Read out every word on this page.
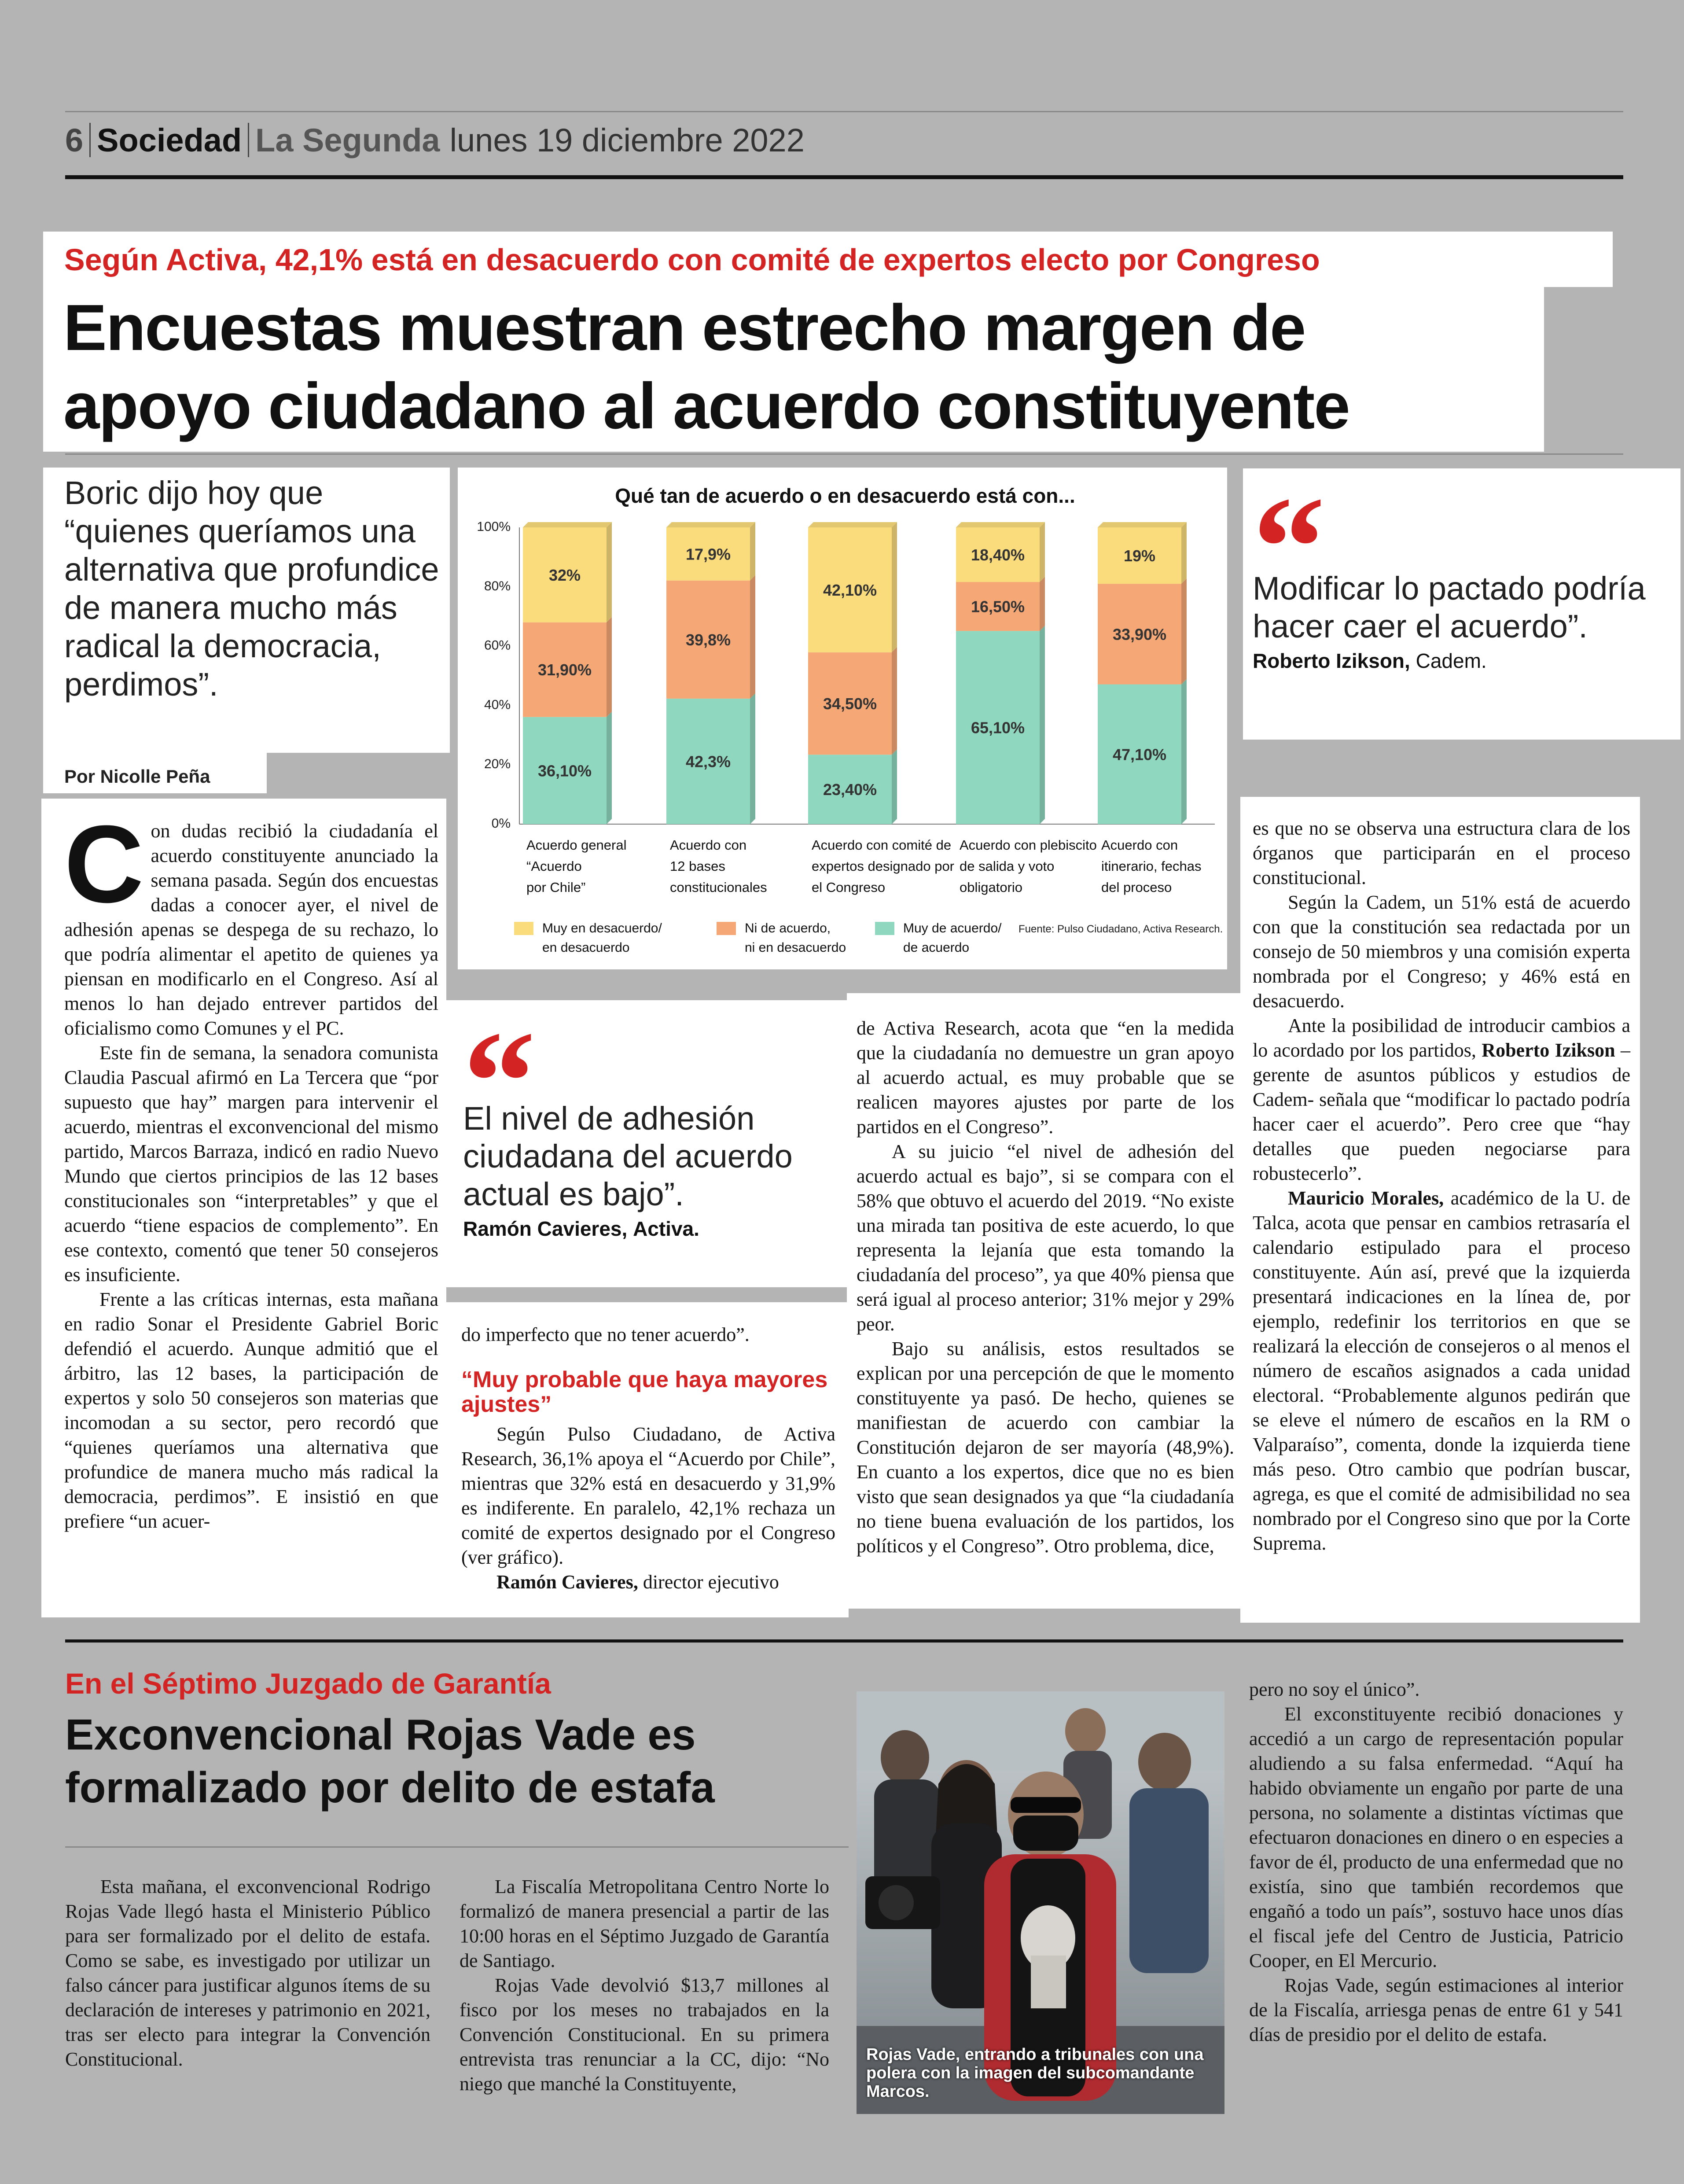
6 Sociedad La Segunda lunes 19 diciembre 2022
Según Activa, 42,1% está en desacuerdo con comité de expertos electo por Congreso
Encuestas muestran estrecho margen de
apoyo ciudadano al acuerdo constituyente
Boric dijo hoy que “quienes queríamos una alternativa que profundice de manera mucho más radical la democracia, perdimos”.
Por Nicolle Peña
Qué tan de acuerdo o en desacuerdo está con...
100%
80%
60%
40%
20%
0%
36,10%
31,90%
32%
Acuerdo general “Acuerdo por Chile”
42,3%
39,8%
17,9%
Acuerdo con 12 bases constitucionales
23,40%
34,50%
42,10%
Acuerdo con comité de expertos designado por el Congreso
65,10%
16,50%
18,40%
Acuerdo con plebiscito de salida y voto obligatorio
47,10%
33,90%
19%
Acuerdo con itinerario, fechas del proceso
Muy en desacuerdo/ en desacuerdo
Ni de acuerdo, ni en desacuerdo
Muy de acuerdo/ de acuerdo
Fuente: Pulso Ciudadano, Activa Research.
“
Modificar lo pactado podría hacer caer el acuerdo”.
Roberto Izikson, Cadem.

Con dudas recibió la ciudadanía el acuerdo constituyente anunciado la semana pasada. Según dos encuestas dadas a conocer ayer, el nivel de adhesión apenas se despega de su rechazo, lo que podría alimentar el apetito de quienes ya piensan en modificarlo en el Congreso. Así al menos lo han dejado entrever partidos del oficialismo como Comunes y el PC.

Este fin de semana, la senadora comunista Claudia Pascual afirmó en La Tercera que “por supuesto que hay” margen para intervenir el acuerdo, mientras el exconvencional del mismo partido, Marcos Barraza, indicó en radio Nuevo Mundo que ciertos principios de las 12 bases constitucionales son “interpretables” y que el acuerdo “tiene espacios de complemento”. En ese contexto, comentó que tener 50 consejeros es insuficiente.

Frente a las críticas internas, esta mañana en radio Sonar el Presidente Gabriel Boric defendió el acuerdo. Aunque admitió que el árbitro, las 12 bases, la participación de expertos y solo 50 consejeros son materias que incomodan a su sector, pero recordó que “quienes queríamos una alternativa que profundice de manera mucho más radical la democracia, perdimos”. E insistió en que prefiere “un acuer-

“
El nivel de adhesión ciudadana del acuerdo actual es bajo”.
Ramón Cavieres, Activa.

do imperfecto que no tener acuerdo”.

“Muy probable que haya mayores ajustes”

Según Pulso Ciudadano, de Activa Research, 36,1% apoya el “Acuerdo por Chile”, mientras que 32% está en desacuerdo y 31,9% es indiferente. En paralelo, 42,1% rechaza un comité de expertos designado por el Congreso (ver gráfico).

Ramón Cavieres, director ejecutivo

de Activa Research, acota que “en la medida que la ciudadanía no demuestre un gran apoyo al acuerdo actual, es muy probable que se realicen mayores ajustes por parte de los partidos en el Congreso”.

A su juicio “el nivel de adhesión del acuerdo actual es bajo”, si se compara con el 58% que obtuvo el acuerdo del 2019. “No existe una mirada tan positiva de este acuerdo, lo que representa la lejanía que esta tomando la ciudadanía del proceso”, ya que 40% piensa que será igual al proceso anterior; 31% mejor y 29% peor.

Bajo su análisis, estos resultados se explican por una percepción de que le momento constituyente ya pasó. De hecho, quienes se manifiestan de acuerdo con cambiar la Constitución dejaron de ser mayoría (48,9%). En cuanto a los expertos, dice que no es bien visto que sean designados ya que “la ciudadanía no tiene buena evaluación de los partidos, los políticos y el Congreso”. Otro problema, dice,

es que no se observa una estructura clara de los órganos que participarán en el proceso constitucional.

Según la Cadem, un 51% está de acuerdo con que la constitución sea redactada por un consejo de 50 miembros y una comisión experta nombrada por el Congreso; y 46% está en desacuerdo.

Ante la posibilidad de introducir cambios a lo acordado por los partidos, Roberto Izikson –gerente de asuntos públicos y estudios de Cadem- señala que “modificar lo pactado podría hacer caer el acuerdo”. Pero cree que “hay detalles que pueden negociarse para robustecerlo”.

Mauricio Morales, académico de la U. de Talca, acota que pensar en cambios retrasaría el calendario estipulado para el proceso constituyente. Aún así, prevé que la izquierda presentará indicaciones en la línea de, por ejemplo, redefinir los territorios en que se realizará la elección de consejeros o al menos el número de escaños asignados a cada unidad electoral. “Probablemente algunos pedirán que se eleve el número de escaños en la RM o Valparaíso”, comenta, donde la izquierda tiene más peso. Otro cambio que podrían buscar, agrega, es que el comité de admisibilidad no sea nombrado por el Congreso sino que por la Corte Suprema.

En el Séptimo Juzgado de Garantía
Exconvencional Rojas Vade es
formalizado por delito de estafa

Esta mañana, el exconvencional Rodrigo Rojas Vade llegó hasta el Ministerio Público para ser formalizado por el delito de estafa. Como se sabe, es investigado por utilizar un falso cáncer para justificar algunos ítems de su declaración de intereses y patrimonio en 2021, tras ser electo para integrar la Convención Constitucional.

La Fiscalía Metropolitana Centro Norte lo formalizó de manera presencial a partir de las 10:00 horas en el Séptimo Juzgado de Garantía de Santiago.

Rojas Vade devolvió $13,7 millones al fisco por los meses no trabajados en la Convención Constitucional. En su primera entrevista tras renunciar a la CC, dijo: “No niego que manché la Constituyente,

Rojas Vade, entrando a tribunales con una polera con la imagen del subcomandante Marcos.

pero no soy el único”.

El exconstituyente recibió donaciones y accedió a un cargo de representación popular aludiendo a su falsa enfermedad. “Aquí ha habido obviamente un engaño por parte de una persona, no solamente a distintas víctimas que efectuaron donaciones en dinero o en especies a favor de él, producto de una enfermedad que no existía, sino que también recordemos que engañó a todo un país”, sostuvo hace unos días el fiscal jefe del Centro de Justicia, Patricio Cooper, en El Mercurio.

Rojas Vade, según estimaciones al interior de la Fiscalía, arriesga penas de entre 61 y 541 días de presidio por el delito de estafa.
